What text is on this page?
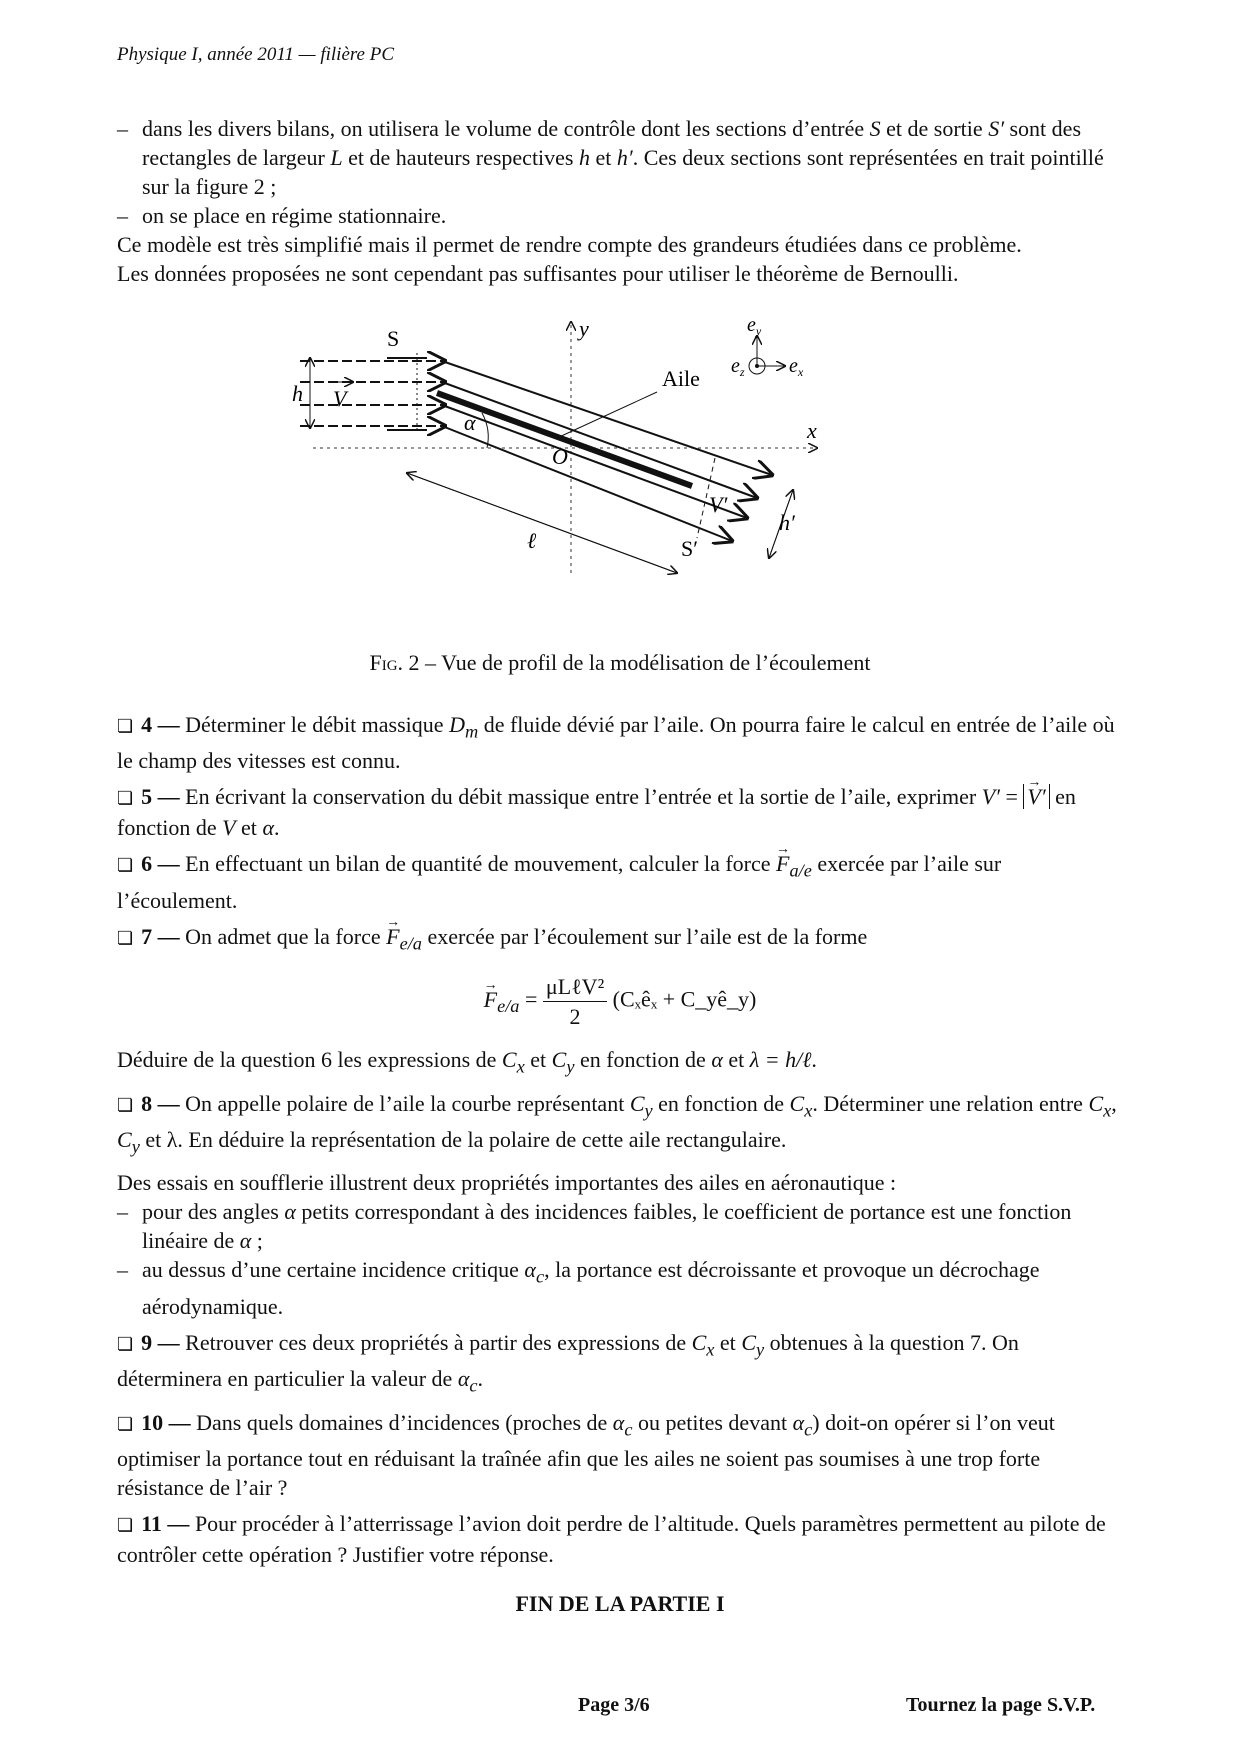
Physique I, année 2011 — filière PC

– dans les divers bilans, on utilisera le volume de contrôle dont les sections d’entrée S et de sortie S′ sont des rectangles de largeur L et de hauteurs respectives h et h′. Ces deux sections sont représentées en trait pointillé sur la figure 2 ;

– on se place en régime stationnaire.

Ce modèle est très simplifié mais il permet de rendre compte des grandeurs étudiées dans ce problème.

Les données proposées ne sont cependant pas suffisantes pour utiliser le théorème de Bernoulli.

x
y
S
h V
Aile
α
O
V′
S′
h′
ℓ
$e_y$
$e_x$
$e_z$

Fig. 2 – Vue de profil de la modélisation de l’écoulement

❏ 4 — Déterminer le débit massique $D_m$ de fluide dévié par l’aile. On pourra faire le calcul en entrée de l’aile où le champ des vitesses est connu.

❏ 5 — En écrivant la conservation du débit massique entre l’entrée et la sortie de l’aile, exprimer V′ = → V′ en fonction de V et α.

❏ 6 — En effectuant un bilan de quantité de mouvement, calculer la force → $F_{a/e}$ exercée par l’aile sur l’écoulement.

❏ 7 — On admet que la force → $F_{e/a}$ exercée par l’écoulement sur l’aile est de la forme

→ $F_{e/a} = \frac{\text{μLℓV²}}{2}$ (Cₓêₓ + C_yê_y)

Déduire de la question 6 les expressions de $C_x$ et $C_y$ en fonction de α et λ = h/ℓ.

❏ 8 — On appelle polaire de l’aile la courbe représentant $C_y$ en fonction de $C_x$. Déterminer une relation entre $C_x$, $C_y$ et λ. En déduire la représentation de la polaire de cette aile rectangulaire.

Des essais en soufflerie illustrent deux propriétés importantes des ailes en aéronautique :

– pour des angles α petits correspondant à des incidences faibles, le coefficient de portance est une fonction linéaire de α ;

– au dessus d’une certaine incidence critique $\alpha_c$, la portance est décroissante et provoque un décrochage aérodynamique.

❏ 9 — Retrouver ces deux propriétés à partir des expressions de $C_x$ et $C_y$ obtenues à la question 7. On déterminera en particulier la valeur de $\alpha_c$.

❏ 10 — Dans quels domaines d’incidences (proches de $\alpha_c$ ou petites devant $\alpha_c$) doit-on opérer si l’on veut optimiser la portance tout en réduisant la traînée afin que les ailes ne soient pas soumises à une trop forte résistance de l’air ?

❏ 11 — Pour procéder à l’atterrissage l’avion doit perdre de l’altitude. Quels paramètres permettent au pilote de contrôler cette opération ? Justifier votre réponse.

FIN DE LA PARTIE I

Page 3/6	Tournez la page S.V.P.
